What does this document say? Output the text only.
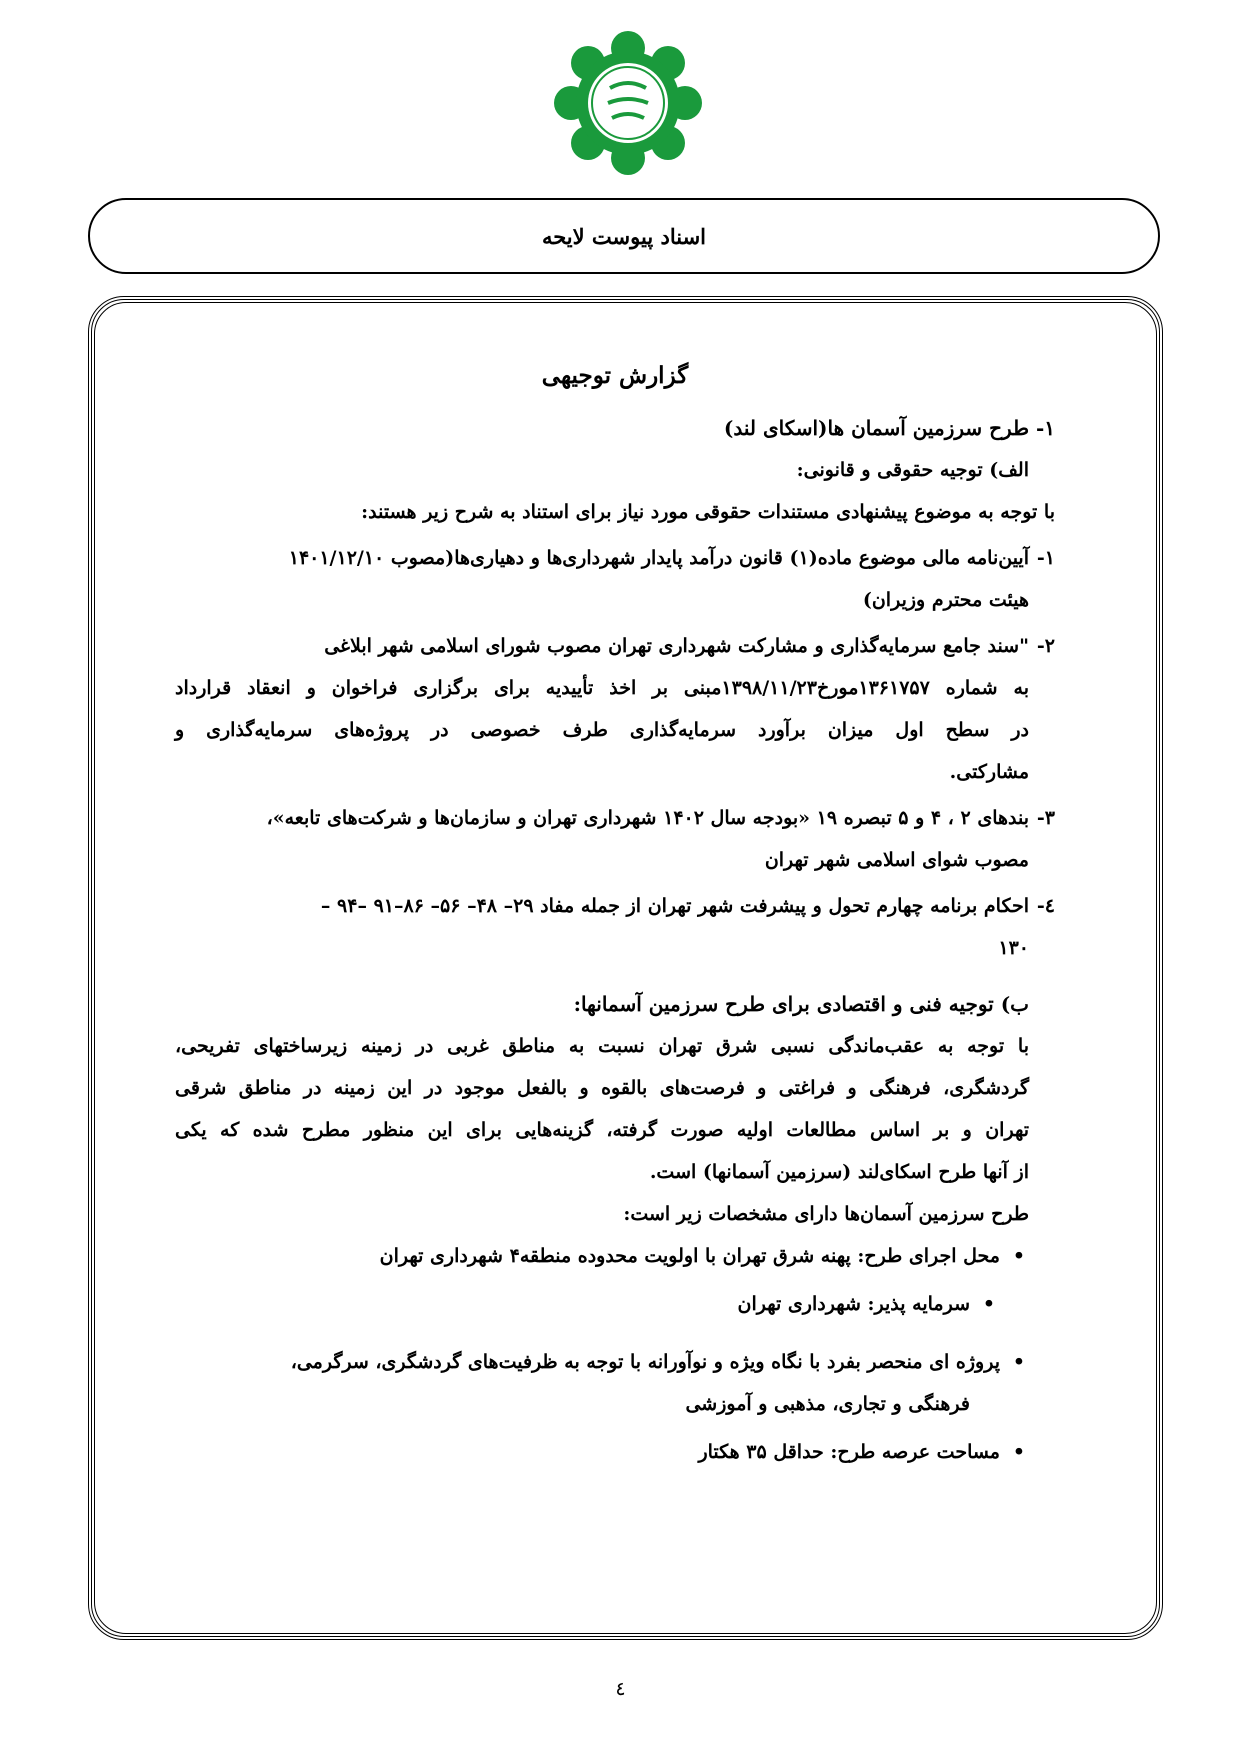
اسناد پیوست لایحه
گزارش توجیهی
۱-طرح سرزمین آسمان ها(اسکای لند)
الف) توجیه حقوقی و قانونی:
با توجه به موضوع پیشنهادی مستندات حقوقی مورد نیاز برای استناد به شرح زیر هستند:
۱-آیین‌نامه مالی موضوع ماده(۱) قانون درآمد پایدار شهرداری‌ها و دهیاری‌ها(مصوب ۱۴۰۱/۱۲/۱۰
هیئت محترم وزیران)
۲-"سند جامع سرمایه‌گذاری و مشارکت شهرداری تهران مصوب شورای اسلامی شهر ابلاغی
به شماره ۱۳۶۱۷۵۷مورخ۱۳۹۸/۱۱/۲۳مبنی بر اخذ تأییدیه برای برگزاری فراخوان و انعقاد قرارداد
در سطح اول میزان برآورد سرمایه‌گذاری طرف خصوصی در پروژه‌های سرمایه‌گذاری و
مشارکتی.
۳-بندهای ۲ ، ۴ و ۵ تبصره ۱۹ «بودجه سال ۱۴۰۲ شهرداری تهران و سازمان‌ها و شرکت‌های تابعه»،
مصوب شوای اسلامی شهر تهران
٤-احکام برنامه چهارم تحول و پیشرفت شهر تهران از جمله مفاد ۲۹– ۴۸– ۵۶– ۸۶–۹۱ –۹۴ –
۱۳۰
ب) توجیه فنی و اقتصادی برای طرح سرزمین آسمانها:
با توجه به عقب‌ماندگی نسبی شرق تهران نسبت به مناطق غربی در زمینه زیرساختهای تفریحی،
گردشگری، فرهنگی و فراغتی و فرصت‌های بالقوه و بالفعل موجود در این زمینه در مناطق شرقی
تهران و بر اساس مطالعات اولیه صورت گرفته، گزینه‌هایی برای این منظور مطرح شده که یکی
از آنها طرح اسکای‌لند (سرزمین آسمانها) است.
طرح سرزمین آسمان‌ها دارای مشخصات زیر است:
• محل اجرای طرح: پهنه شرق تهران با اولویت محدوده منطقه۴ شهرداری تهران
• سرمایه پذیر: شهرداری تهران
• پروژه ای منحصر بفرد با نگاه ویژه و نوآورانه با توجه به ظرفیت‌های گردشگری، سرگرمی،
فرهنگی و تجاری، مذهبی و آموزشی
• مساحت عرصه طرح: حداقل ۳۵ هکتار
٤
